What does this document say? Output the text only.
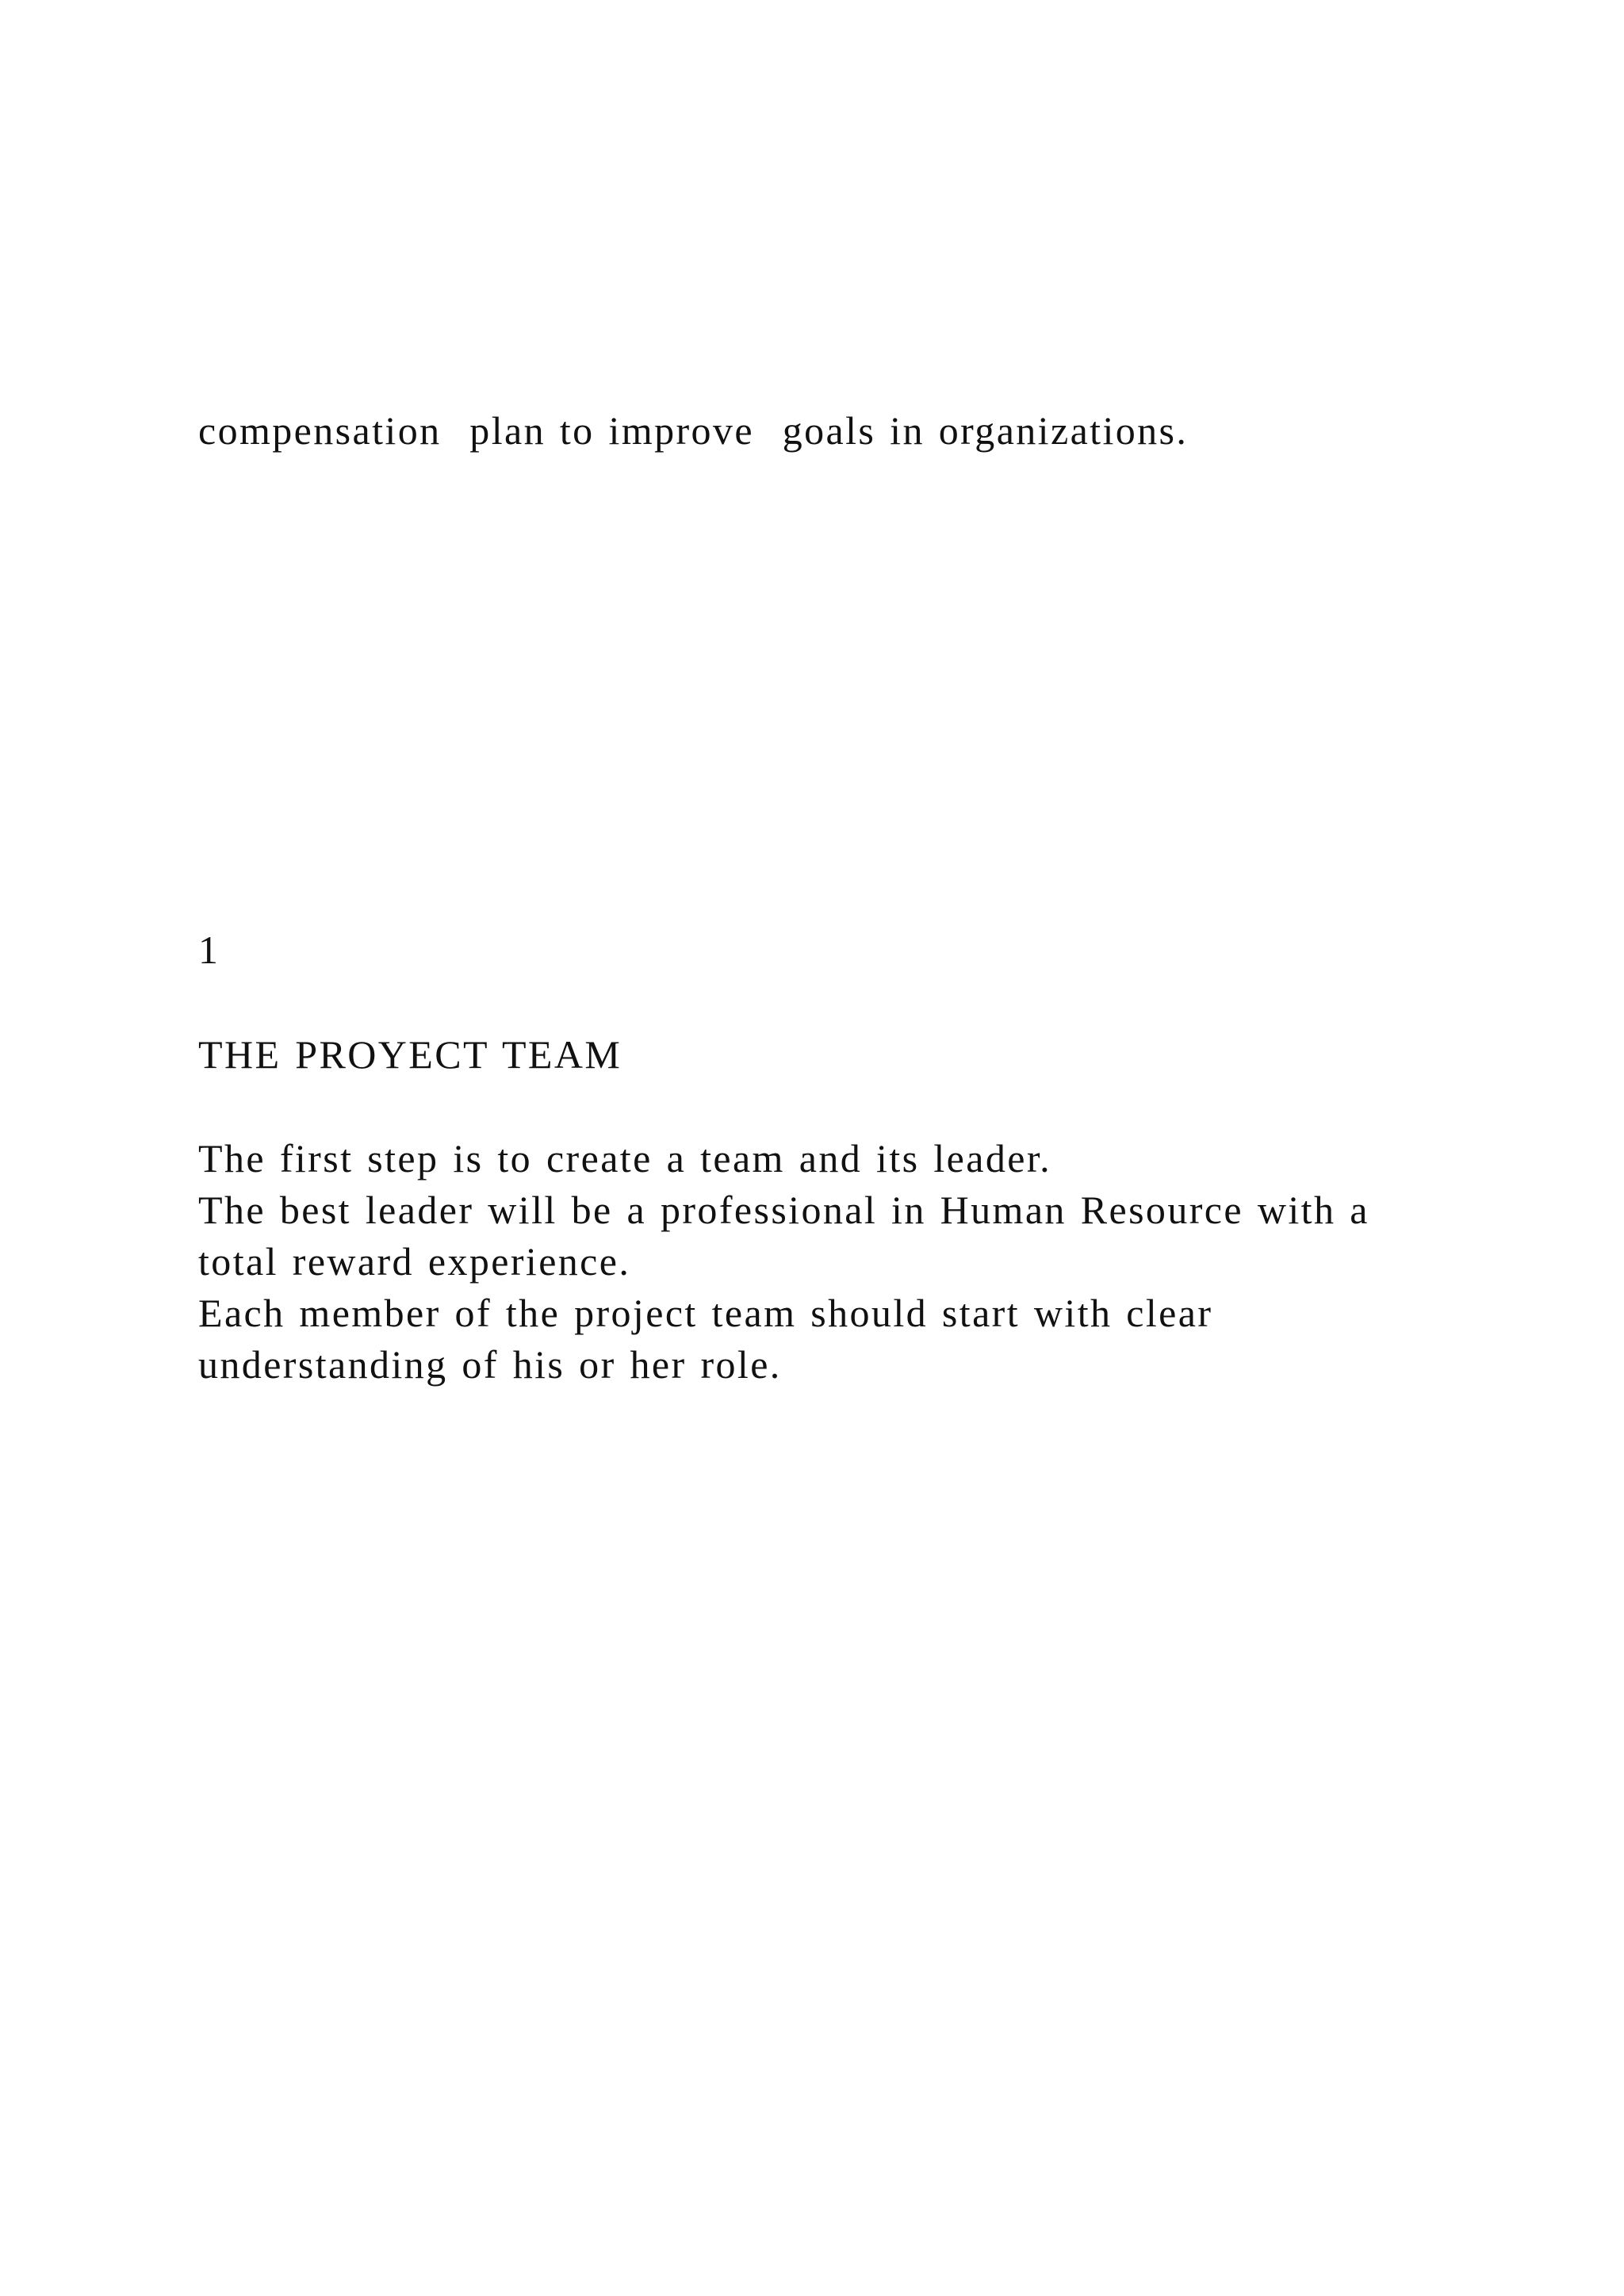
compensation  plan to improve  goals in organizations.

1

THE PROYECT TEAM

The first step is to create a team and its leader.

The best leader will be a professional in Human Resource with a

total reward experience.

Each member of the project team should start with clear

understanding of his or her role.
